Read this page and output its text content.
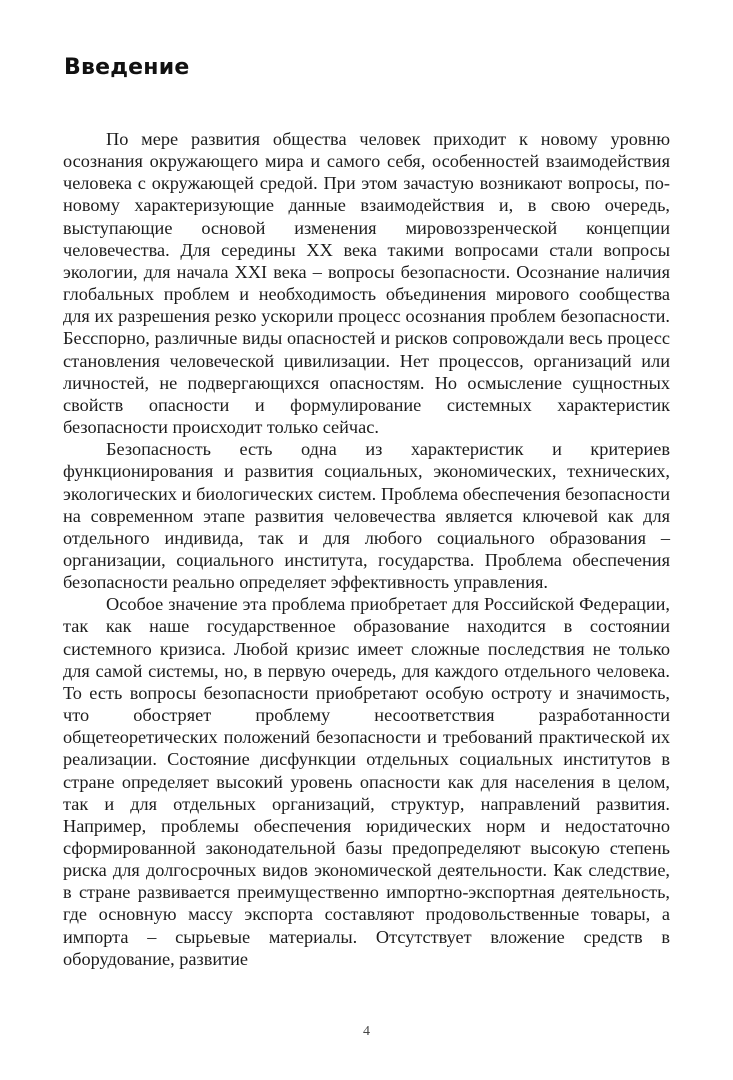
Введение

По мере развития общества человек приходит к новому уровню осознания окружающего мира и самого себя, особенностей взаимодействия человека с окружающей средой. При этом зачастую возникают вопросы, по-новому характеризующие данные взаимодействия и, в свою очередь, выступающие основой изменения мировоззренческой концепции человечества. Для середины XX века такими вопросами стали вопросы экологии, для начала XXI века – вопросы безопасности. Осознание наличия глобальных проблем и необходимость объединения мирового сообщества для их разрешения резко ускорили процесс осознания проблем безопасности. Бесспорно, различные виды опасностей и рисков сопровождали весь процесс становления человеческой цивилизации. Нет процессов, организаций или личностей, не подвергающихся опасностям. Но осмысление сущностных свойств опасности и формулирование системных характеристик безопасности происходит только сейчас.

Безопасность есть одна из характеристик и критериев функционирования и развития социальных, экономических, технических, экологических и биологических систем. Проблема обеспечения безопасности на современном этапе развития человечества является ключевой как для отдельного индивида, так и для любого социального образования – организации, социального института, государства. Проблема обеспечения безопасности реально определяет эффективность управления.

Особое значение эта проблема приобретает для Российской Федерации, так как наше государственное образование находится в состоянии системного кризиса. Любой кризис имеет сложные последствия не только для самой системы, но, в первую очередь, для каждого отдельного человека. То есть вопросы безопасности приобретают особую остроту и значимость, что обостряет проблему несоответствия разработанности общетеоретических положений безопасности и требований практической их реализации. Состояние дисфункции отдельных социальных институтов в стране определяет высокий уровень опасности как для населения в целом, так и для отдельных организаций, структур, направлений развития. Например, проблемы обеспечения юридических норм и недостаточно сформированной законодательной базы предопределяют высокую степень риска для долгосрочных видов экономической деятельности. Как следствие, в стране развивается преимущественно импортно-экспортная деятельность, где основную массу экспорта составляют продовольственные товары, а импорта – сырьевые материалы. Отсутствует вложение средств в оборудование, развитие

4
